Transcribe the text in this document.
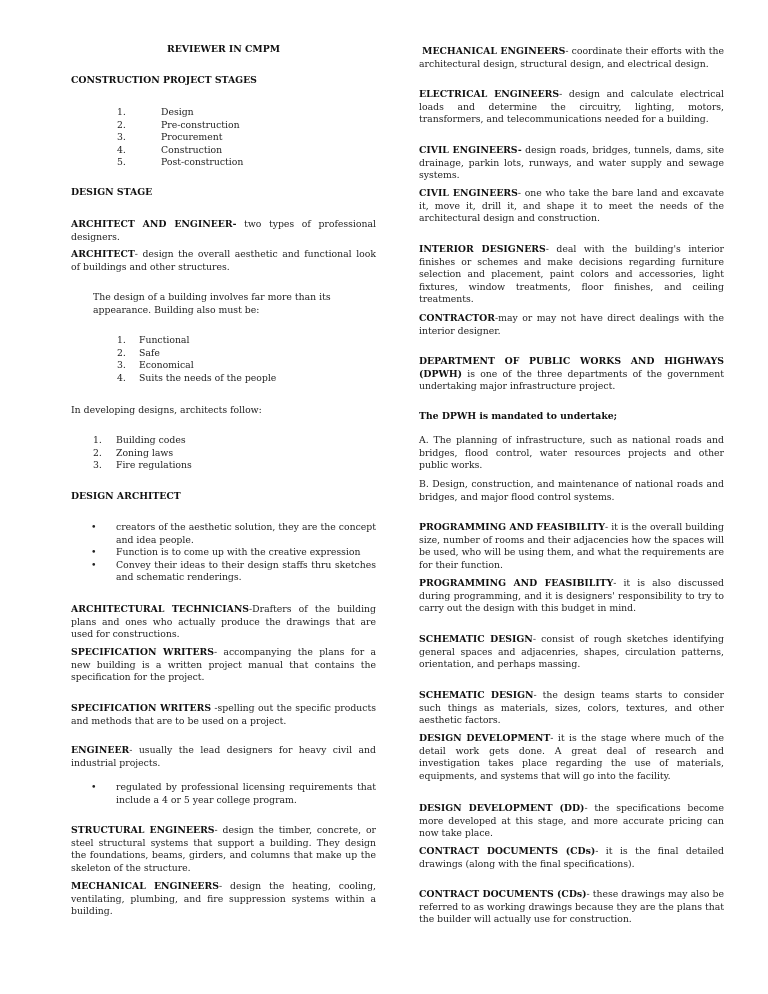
REVIEWER IN CMPM
CONSTRUCTION PROJECT STAGES
1.	Design
2.	Pre-construction
3.	Procurement
4.	Construction
5.	Post-construction
DESIGN STAGE

ARCHITECT AND ENGINEER- two types of professional designers.

ARCHITECT- design the overall aesthetic and functional look of buildings and other structures.

The design of a building involves far more than its appearance. Building also must be:

1. Functional
2. Safe
3. Economical
4. Suits the needs of the people

In developing designs, architects follow:

1. Building codes
2. Zoning laws
3. Fire regulations
DESIGN ARCHITECT
• creators of the aesthetic solution, they are the concept and idea people.
• Function is to come up with the creative expression
• Convey their ideas to their design staffs thru sketches and schematic renderings.

ARCHITECTURAL TECHNICIANS-Drafters of the building plans and ones who actually produce the drawings that are used for constructions.

SPECIFICATION WRITERS- accompanying the plans for a new building is a written project manual that contains the specification for the project.

SPECIFICATION WRITERS -spelling out the specific products and methods that are to be used on a project.

ENGINEER- usually the lead designers for heavy civil and industrial projects.

• regulated by professional licensing requirements that include a 4 or 5 year college program.

STRUCTURAL ENGINEERS- design the timber, concrete, or steel structural systems that support a building. They design the foundations, beams, girders, and columns that make up the skeleton of the structure.

MECHANICAL ENGINEERS- design the heating, cooling, ventilating, plumbing, and fire suppression systems within a building.

MECHANICAL ENGINEERS- coordinate their efforts with the architectural design, structural design, and electrical design.

ELECTRICAL ENGINEERS- design and calculate electrical loads and determine the circuitry, lighting, motors, transformers, and telecommunications needed for a building.

CIVIL ENGINEERS- design roads, bridges, tunnels, dams, site drainage, parkin lots, runways, and water supply and sewage systems.

CIVIL ENGINEERS- one who take the bare land and excavate it, move it, drill it, and shape it to meet the needs of the architectural design and construction.

INTERIOR DESIGNERS- deal with the building's interior finishes or schemes and make decisions regarding furniture selection and placement, paint colors and accessories, light fixtures, window treatments, floor finishes, and ceiling treatments.

CONTRACTOR-may or may not have direct dealings with the interior designer.

DEPARTMENT OF PUBLIC WORKS AND HIGHWAYS (DPWH) is one of the three departments of the government undertaking major infrastructure project.

The DPWH is mandated to undertake;

A. The planning of infrastructure, such as national roads and bridges, flood control, water resources projects and other public works.

B. Design, construction, and maintenance of national roads and bridges, and major flood control systems.

PROGRAMMING AND FEASIBILITY- it is the overall building size, number of rooms and their adjacencies how the spaces will be used, who will be using them, and what the requirements are for their function.

PROGRAMMING AND FEASIBILITY- it is also discussed during programming, and it is designers' responsibility to try to carry out the design with this budget in mind.

SCHEMATIC DESIGN- consist of rough sketches identifying general spaces and adjacenries, shapes, circulation patterns, orientation, and perhaps massing.

SCHEMATIC DESIGN- the design teams starts to consider such things as materials, sizes, colors, textures, and other aesthetic factors.

DESIGN DEVELOPMENT- it is the stage where much of the detail work gets done. A great deal of research and investigation takes place regarding the use of materials, equipments, and systems that will go into the facility.

DESIGN DEVELOPMENT (DD)- the specifications become more developed at this stage, and more accurate pricing can now take place.

CONTRACT DOCUMENTS (CDs)- it is the final detailed drawings (along with the final specifications).

CONTRACT DOCUMENTS (CDs)- these drawings may also be referred to as working drawings because they are the plans that the builder will actually use for construction.
